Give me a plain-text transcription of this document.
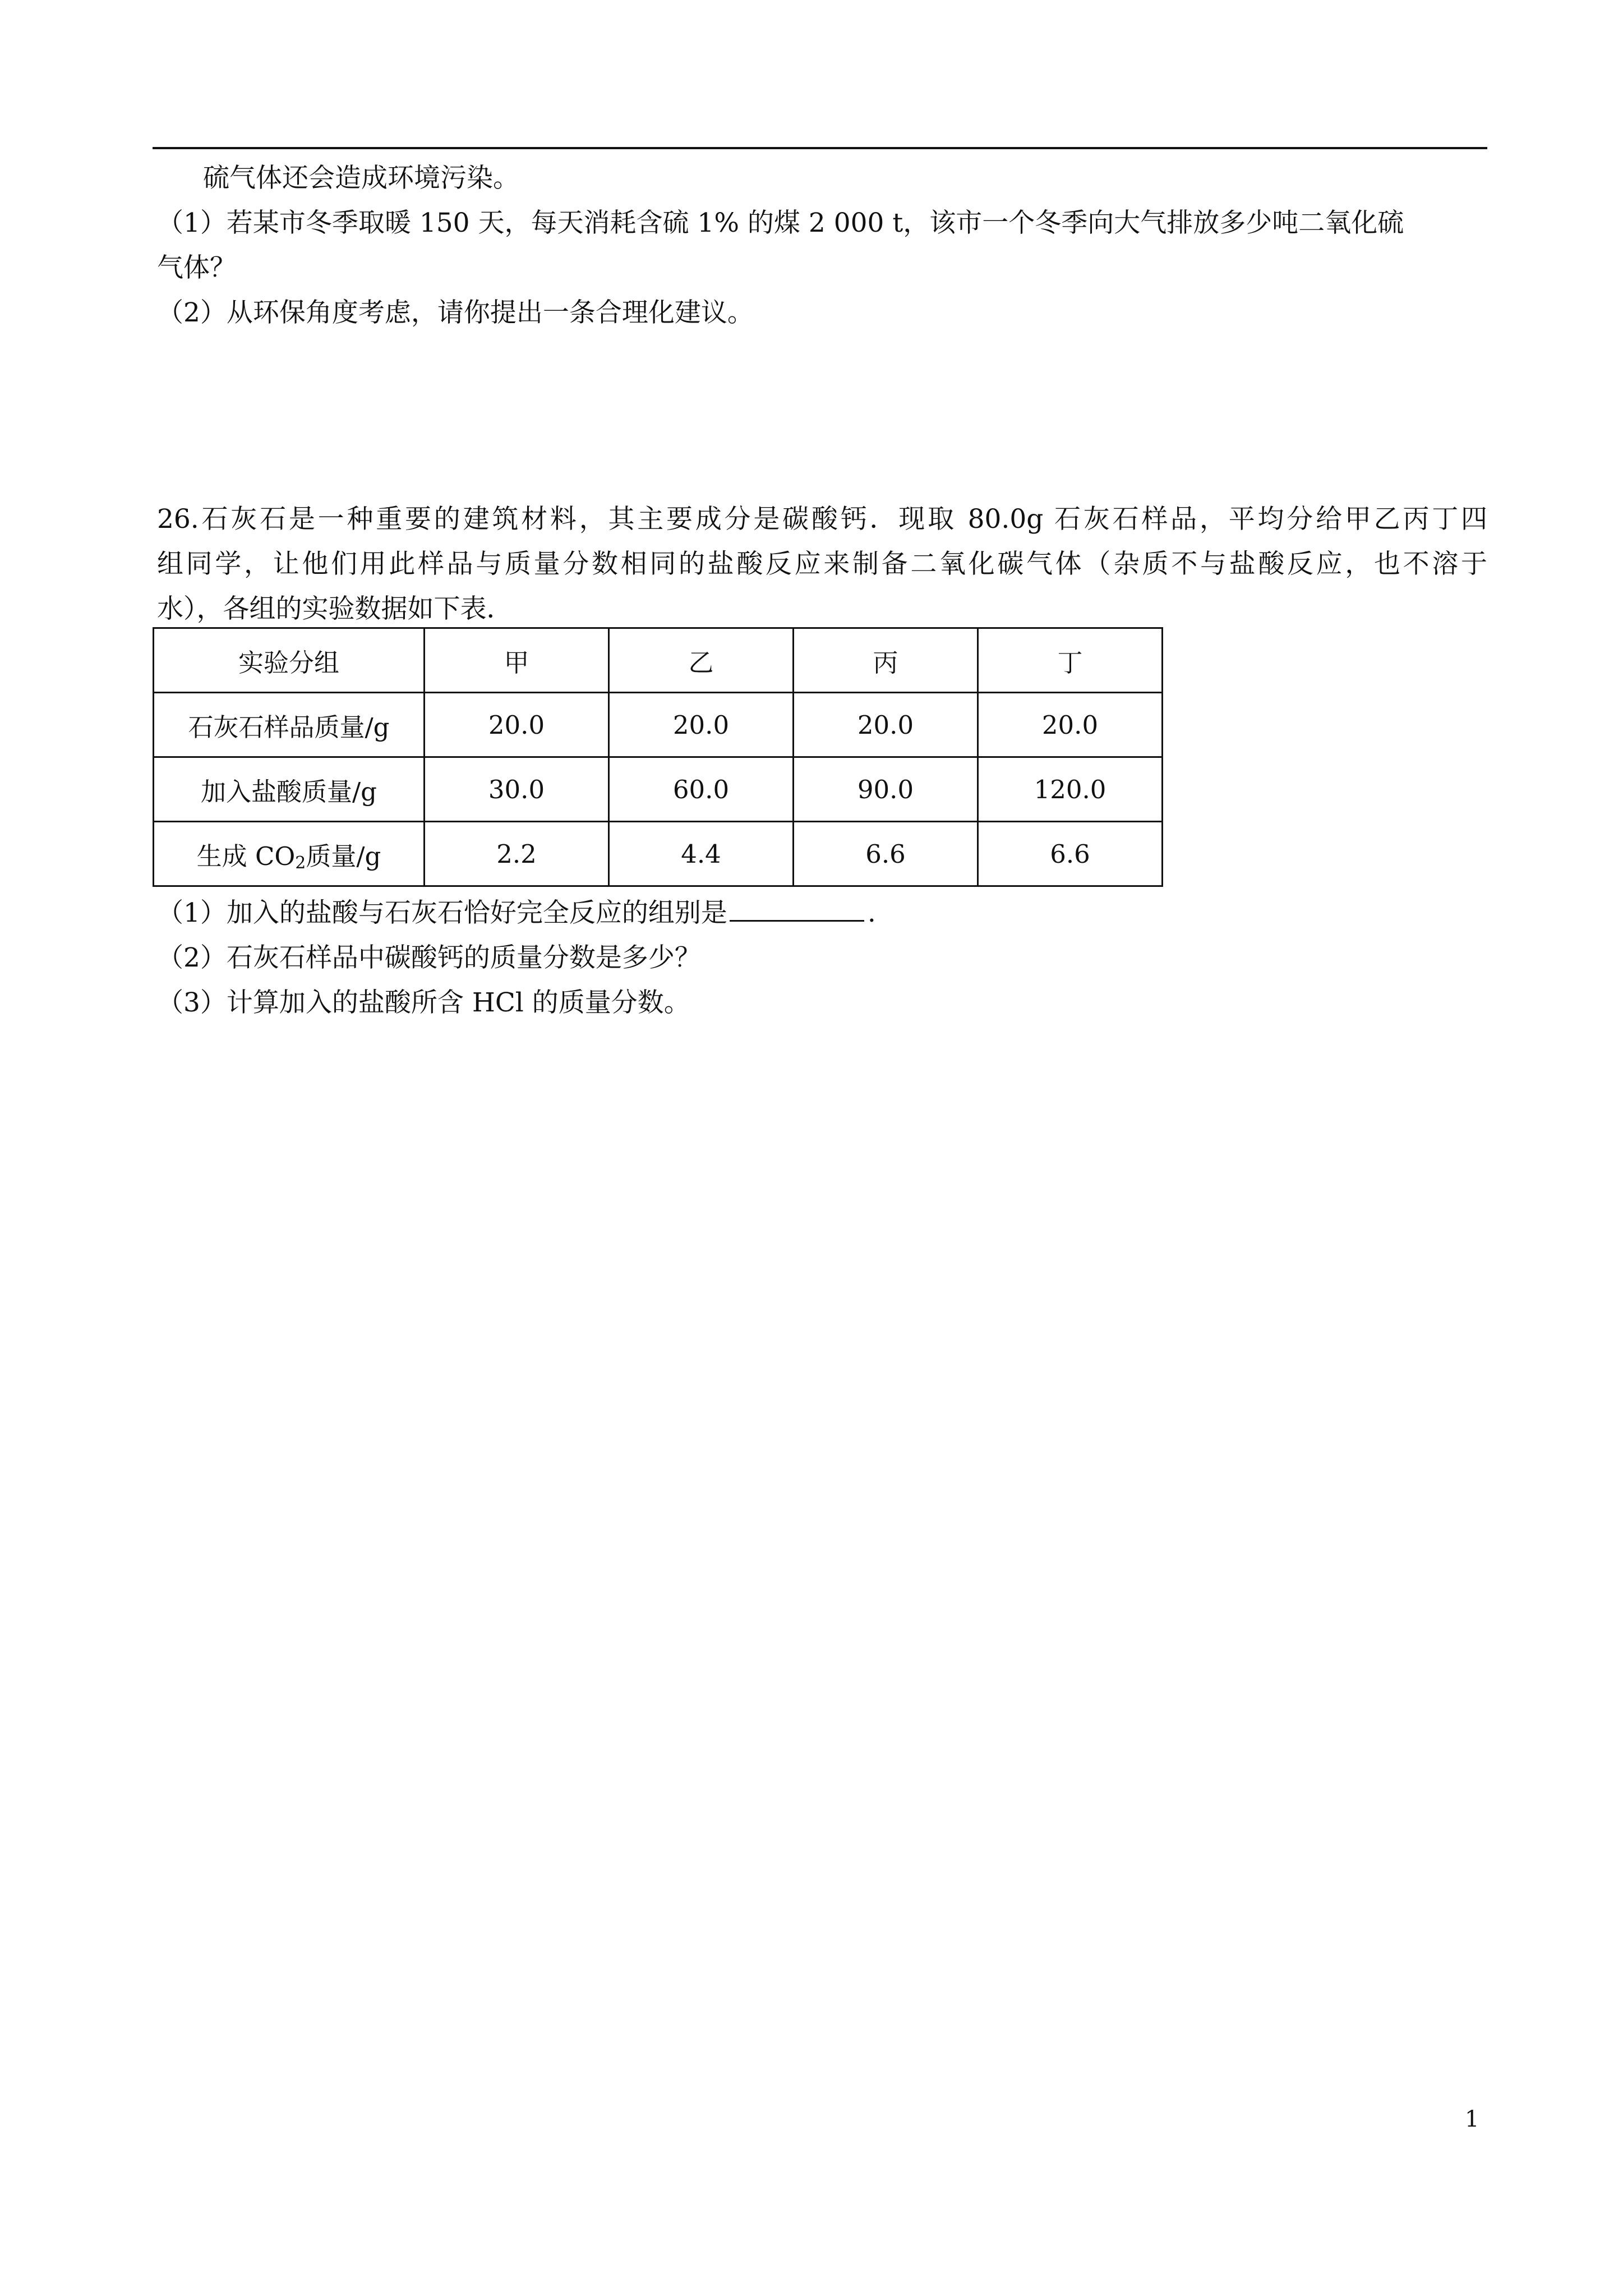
硫气体还会造成环境污染。
（1）若某市冬季取暖 150 天，每天消耗含硫 1% 的煤 2 000 t，该市一个冬季向大气排放多少吨二氧化硫
气体？
（2）从环保角度考虑，请你提出一条合理化建议。
26.石灰石是一种重要的建筑材料，其主要成分是碳酸钙．现取 80.0g 石灰石样品，平均分给甲乙丙丁四
组同学，让他们用此样品与质量分数相同的盐酸反应来制备二氧化碳气体（杂质不与盐酸反应，也不溶于
水），各组的实验数据如下表．
实验分组	甲	乙	丙	丁
石灰石样品质量/g	20.0	20.0	20.0	20.0
加入盐酸质量/g	30.0	60.0	90.0	120.0
生成 $CO_2$质量/g	2.2	4.4	6.6	6.6
（1）加入的盐酸与石灰石恰好完全反应的组别是	.
（2）石灰石样品中碳酸钙的质量分数是多少？
（3）计算加入的盐酸所含 HCl 的质量分数。
1
